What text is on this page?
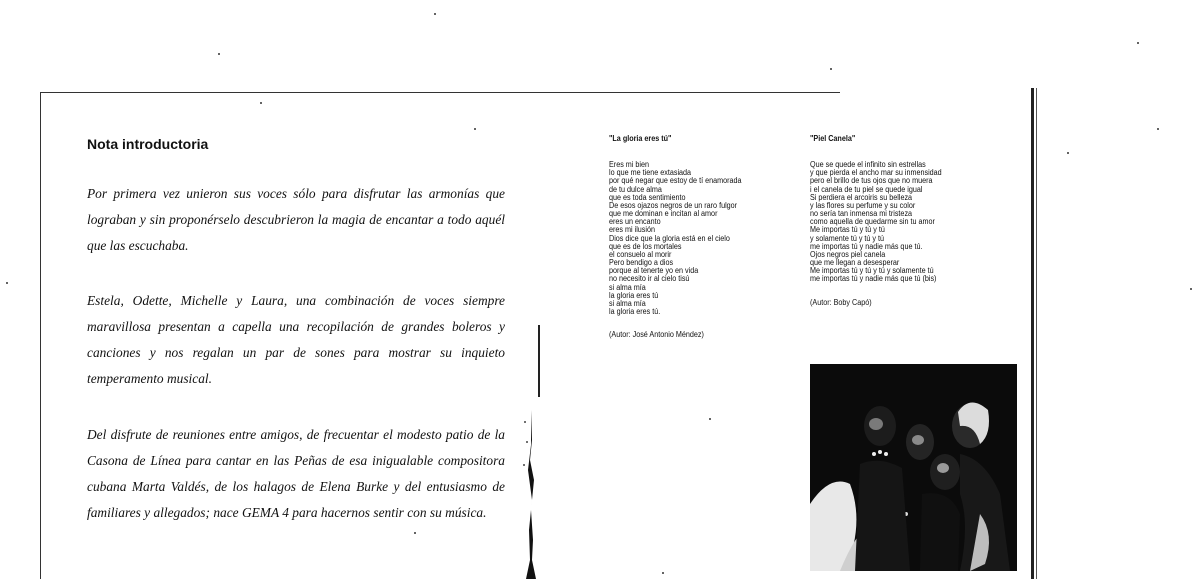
Nota introductoria

Por primera vez unieron sus voces sólo para disfrutar las armonías que lograban y sin proponérselo descubrieron la magia de encantar a todo aquél que las escuchaba.

Estela, Odette, Michelle y Laura, una combinación de voces siempre maravillosa presentan a capella una recopilación de grandes boleros y canciones y nos regalan un par de sones para mostrar su inquieto temperamento musical.

Del disfrute de reuniones entre amigos, de frecuentar el modesto patio de la Casona de Línea para cantar en las Peñas de esa inigualable compositora cubana Marta Valdés, de los halagos de Elena Burke y del entusiasmo de familiares y allegados; nace GEMA 4 para hacernos sentir con su música.

"La gloria eres tú"
Eres mi bien
lo que me tiene extasiada
por qué negar que estoy de tí enamorada
de tu dulce alma
que es toda sentimiento
De esos ojazos negros de un raro fulgor
que me dominan e incitan al amor
eres un encanto
eres mi ilusión
Dios dice que la gloria está en el cielo
que es de los mortales
el consuelo al morir
Pero bendigo a dios
porque al tenerte yo en vida
no necesito ir al cielo tisú
si alma mía
la gloria eres tú
si alma mía
la gloria eres tú.
(Autor: José Antonio Méndez)
"Piel Canela"
Que se quede el infinito sin estrellas
y que pierda el ancho mar su inmensidad
pero el brillo de tus ojos que no muera
i el canela de tu piel se quede igual
Si perdiera el arcoiris su belleza
y las flores su perfume y su color
no sería tan inmensa mi tristeza
como aquella de quedarme sin tu amor
Me importas tú y tú y tú
y solamente tú y tú y tú
me importas tú y nadie más que tú.
Ojos negros piel canela
que me llegan a desesperar
Me importas tú y tú y tú y solamente tú
me importas tú y nadie más que tú (bis)
(Autor: Boby Capó)
